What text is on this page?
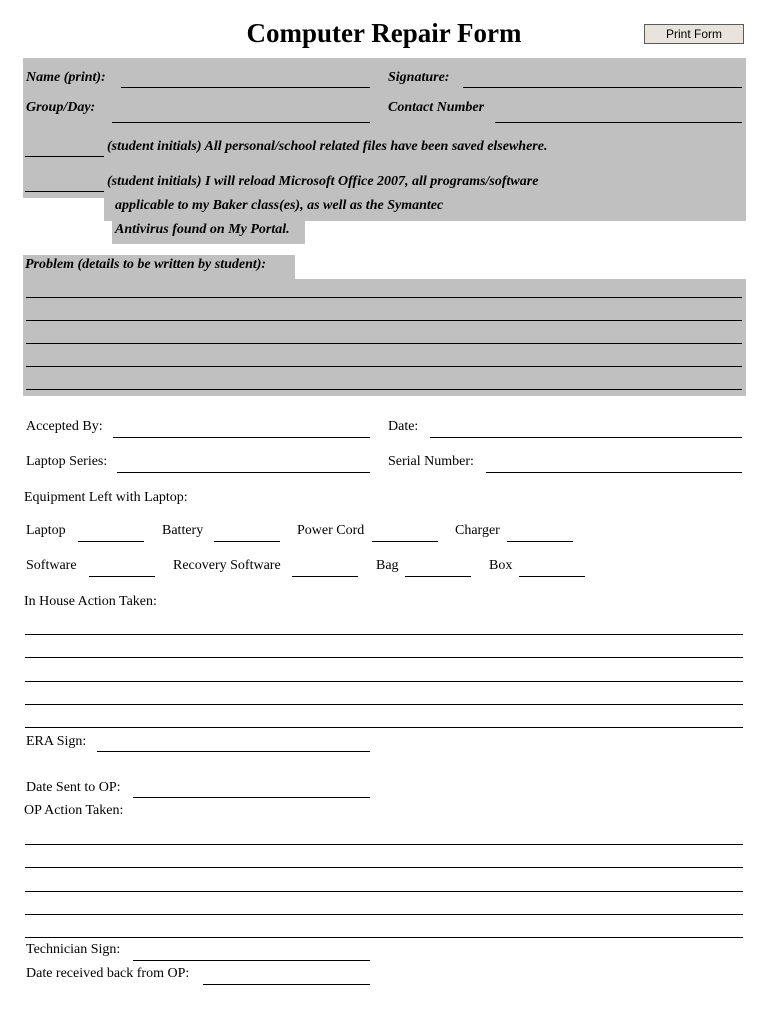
Computer Repair Form	Print Form
Name (print):	Signature:
Group/Day:	Contact Number
(student initials) All personal/school related files have been saved elsewhere.
(student initials) I will reload Microsoft Office 2007, all programs/software
applicable to my Baker class(es), as well as the Symantec
Antivirus found on My Portal.
Problem (details to be written by student):
Accepted By:	Date:
Laptop Series:	Serial Number:
Equipment Left with Laptop:
Laptop	Battery	Power Cord	Charger
Software	Recovery Software	Bag	Box
In House Action Taken:
ERA Sign:
Date Sent to OP:
OP Action Taken:
Technician Sign:
Date received back from OP:
